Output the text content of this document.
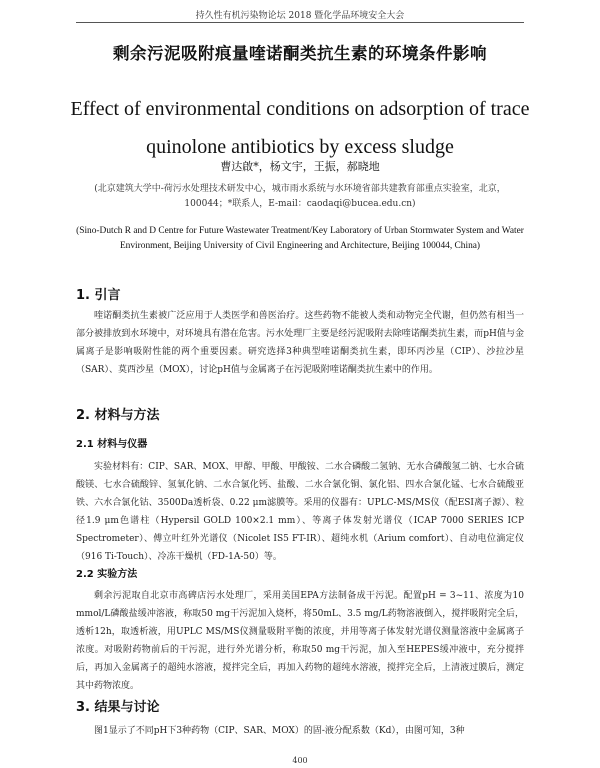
持久性有机污染物论坛 2018 暨化学品环境安全大会
剩余污泥吸附痕量喹诺酮类抗生素的环境条件影响
Effect of environmental conditions on adsorption of trace quinolone antibiotics by excess sludge
曹达啟*，杨文宇，王振，郝晓地
(北京建筑大学中-荷污水处理技术研发中心，城市雨水系统与水环境省部共建教育部重点实验室，北京，100044；*联系人，E-mail：caodaqi@bucea.edu.cn)
(Sino-Dutch R and D Centre for Future Wastewater Treatment/Key Laboratory of Urban Stormwater System and Water Environment, Beijing University of Civil Engineering and Architecture, Beijing 100044, China)
1. 引言

喹诺酮类抗生素被广泛应用于人类医学和兽医治疗。这些药物不能被人类和动物完全代谢，但仍然有相当一部分被排放到水环境中，对环境具有潜在危害。污水处理厂主要是经污泥吸附去除喹诺酮类抗生素，而pH值与金属离子是影响吸附性能的两个重要因素。研究选择3种典型喹诺酮类抗生素，即环丙沙星（CIP）、沙拉沙星（SAR）、莫西沙星（MOX），讨论pH值与金属离子在污泥吸附喹诺酮类抗生素中的作用。

2. 材料与方法
2.1 材料与仪器

实验材料有：CIP、SAR、MOX、甲醇、甲酸、甲酸铵、二水合磷酸二氢钠、无水合磷酸氢二钠、七水合硫酸镁、七水合硫酸锌、氢氧化钠、二水合氯化钙、盐酸、二水合氯化铜、氯化铝、四水合氯化锰、七水合硫酸亚铁、六水合氯化钴、3500Da透析袋、0.22 μm滤膜等。采用的仪器有：UPLC-MS/MS仪（配ESI离子源）、粒径1.9 μm色谱柱（Hypersil GOLD 100×2.1 mm）、等离子体发射光谱仪（ICAP 7000 SERIES ICP Spectrometer）、傅立叶红外光谱仪（Nicolet IS5 FT-IR）、超纯水机（Arium comfort）、自动电位滴定仪（916 Ti-Touch）、冷冻干燥机（FD-1A-50）等。

2.2 实验方法

剩余污泥取自北京市高碑店污水处理厂，采用美国EPA方法制备成干污泥。配置pH = 3~11、浓度为10 mmol/L磷酸盐缓冲溶液，称取50 mg干污泥加入烧杯，将50mL、3.5 mg/L药物溶液倒入，搅拌吸附完全后，透析12h，取透析液，用UPLC MS/MS仪测量吸附平衡的浓度，并用等离子体发射光谱仪测量溶液中金属离子浓度。对吸附药物前后的干污泥，进行外光谱分析，称取50 mg干污泥，加入至HEPES缓冲液中，充分搅拌后，再加入金属离子的超纯水溶液，搅拌完全后，再加入药物的超纯水溶液，搅拌完全后，上清液过膜后，测定其中药物浓度。

3. 结果与讨论

图1显示了不同pH下3种药物（CIP、SAR、MOX）的固-液分配系数（Kd），由图可知，3种

400
